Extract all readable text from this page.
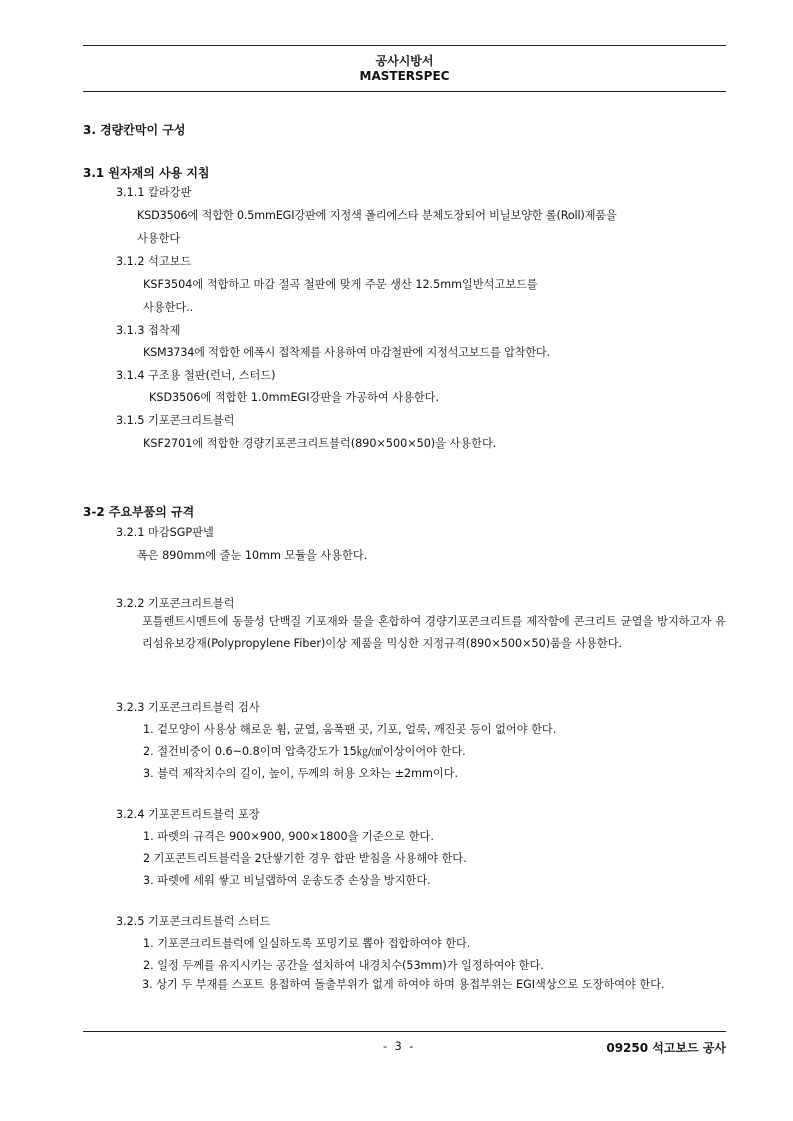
공사시방서
MASTERSPEC
3. 경량칸막이 구성
3.1 원자재의 사용 지침
3.1.1 칼라강판
KSD3506에 적합한 0.5mmEGI강판에 지정색 폴리에스타 분체도장되어 비닐보양한 롤(Roll)제품을
사용한다
3.1.2 석고보드
KSF3504에 적합하고 마감 절곡 철판에 맞게 주문 생산 12.5mm일반석고보드를
사용한다..
3.1.3 접착제
KSM3734에 적합한 에폭시 접착제를 사용하여 마감철판에 지정석고보드를 압착한다.
3.1.4 구조용 철판(런너, 스터드)
KSD3506에 적합한 1.0mmEGI강판을 가공하여 사용한다.
3.1.5 기포콘크리트블럭
KSF2701에 적합한 경량기포콘크리트블럭(890×500×50)을 사용한다.
3-2 주요부품의 규격
3.2.1 마감SGP판넬
폭은 890mm에 줄눈 10mm 모듈을 사용한다.
3.2.2 기포콘크리트블럭
포틀렌트시멘트에 동물성 단백질 기포재와 물을 혼합하여 경량기포콘크리트를 제작함에 콘크리트 균열을 방지하고자 유리섬유보강재(Polypropylene Fiber)이상 제품을 믹싱한 지정규격(890×500×50)품을 사용한다.
3.2.3 기포콘크리트블럭 검사
1. 겉모양이 사용상 해로운 휨, 균열, 움푹팬 곳, 기포, 얼룩, 깨진곳 등이 없어야 한다.
2. 절건비중이 0.6~0.8이며 압축강도가 15㎏/㎠이상이어야 한다.
3. 블럭 제작치수의 길이, 높이, 두께의 허용 오차는 ±2mm이다.
3.2.4 기포콘트리트블럭 포장
1. 파렛의 규격은 900×900, 900×1800을 기준으로 한다.
2 기포콘트리트블럭을 2단쌓기한 경우 합판 받침을 사용해야 한다.
3. 파렛에 세워 쌓고 비닐랩하여 운송도중 손상을 방지한다.
3.2.5 기포콘크리트블럭 스터드
1. 기포콘크리트블럭에 일실하도록 포밍기로 뽑아 접합하여야 한다.
2. 일정 두께를 유지시키는 공간을 설치하여 내경치수(53mm)가 일정하여야 한다.
3. 상기 두 부재를 스포트 용접하여 돌출부위가 없게 하여야 하며 용접부위는 EGI색상으로 도장하여야 한다.
- 3 -	09250 석고보드 공사
